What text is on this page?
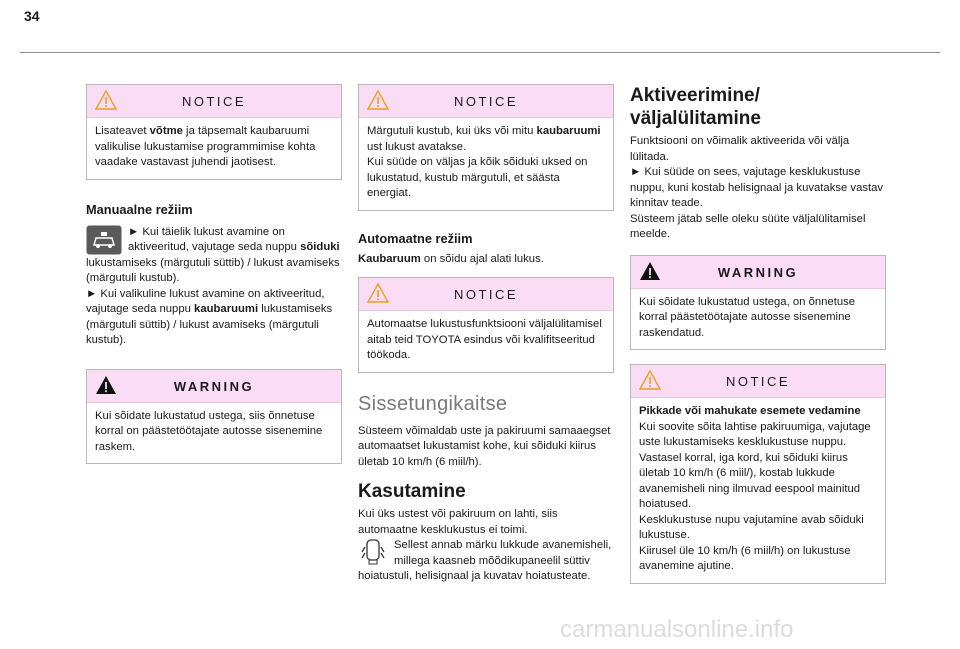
34
NOTICE
Lisateavet võtme ja täpsemalt kaubaruumi valikulise lukustamise programmimise kohta vaadake vastavast juhendi jaotisest.
Manuaalne režiim
► Kui täielik lukust avamine on aktiveeritud, vajutage seda nuppu sõiduki lukustamiseks (märgutuli süttib) / lukust avamiseks (märgutuli kustub).
► Kui valikuline lukust avamine on aktiveeritud, vajutage seda nuppu kaubaruumi lukustamiseks (märgutuli süttib) / lukust avamiseks (märgutuli kustub).
WARNING
Kui sõidate lukustatud ustega, siis õnnetuse korral on päästetöötajate autosse sisenemine raskem.
NOTICE
Märgutuli kustub, kui üks või mitu kaubaruumi ust lukust avatakse.
Kui süüde on väljas ja kõik sõiduki uksed on lukustatud, kustub märgutuli, et säästa energiat.
Automaatne režiim
Kaubaruum on sõidu ajal alati lukus.
NOTICE
Automaatse lukustusfunktsiooni väljalülitamisel aitab teid TOYOTA esindus või kvalifitseeritud töökoda.
Sissetungikaitse
Süsteem võimaldab uste ja pakiruumi samaaegset automaatset lukustamist kohe, kui sõiduki kiirus ületab 10 km/h (6 miil/h).
Kasutamine
Kui üks ustest või pakiruum on lahti, siis automaatne kesklukustus ei toimi.
Sellest annab märku lukkude avanemisheli, millega kaasneb mõõdikupaneelil süttiv hoiatustuli, helisignaal ja kuvatav hoiatusteate.
Aktiveerimine/
väljalülitamine
Funktsiooni on võimalik aktiveerida või välja lülitada.
► Kui süüde on sees, vajutage kesklukustuse nuppu, kuni kostab helisignaal ja kuvatakse vastav kinnitav teade.
Süsteem jätab selle oleku süüte väljalülitamisel meelde.
WARNING
Kui sõidate lukustatud ustega, on õnnetuse korral päästetöötajate autosse sisenemine raskendatud.
NOTICE
Pikkade või mahukate esemete vedamine
Kui soovite sõita lahtise pakiruumiga, vajutage uste lukustamiseks kesklukustuse nuppu. Vastasel korral, iga kord, kui sõiduki kiirus ületab 10 km/h (6 miil/), kostab lukkude avanemisheli ning ilmuvad eespool mainitud hoiatused.
Kesklukustuse nupu vajutamine avab sõiduki lukustuse.
Kiirusel üle 10 km/h (6 miil/h) on lukustuse avanemine ajutine.
carmanualsonline.info
